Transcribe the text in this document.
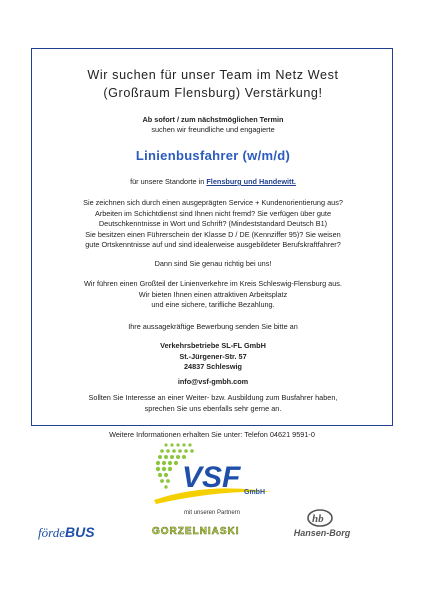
Wir suchen für unser Team im Netz West
(Großraum Flensburg) Verstärkung!
Ab sofort / zum nächstmöglichen Termin
suchen wir freundliche und engagierte
Linienbusfahrer (w/m/d)
für unsere Standorte in Flensburg und Handewitt.
Sie zeichnen sich durch einen ausgeprägten Service + Kundenorientierung aus?
Arbeiten im Schichtdienst sind Ihnen nicht fremd? Sie verfügen über gute
Deutschkenntnisse in Wort und Schrift? (Mindeststandard Deutsch B1)
Sie besitzen einen Führerschein der Klasse D / DE (Kennziffer 95)? Sie weisen
gute Ortskenntnisse auf und sind idealerweise ausgebildeter Berufskraftfahrer?
Dann sind Sie genau richtig bei uns!
Wir führen einen Großteil der Linienverkehre im Kreis Schleswig-Flensburg aus.
Wir bieten Ihnen einen attraktiven Arbeitsplatz
und eine sichere, tarifliche Bezahlung.
Ihre aussagekräftige Bewerbung senden Sie bitte an
Verkehrsbetriebe SL-FL GmbH
St.-Jürgener-Str. 57
24837 Schleswig
info@vsf-gmbh.com
Sollten Sie Interesse an einer Weiter- bzw. Ausbildung zum Busfahrer haben,
sprechen Sie uns ebenfalls sehr gerne an.
Weitere Informationen erhalten Sie unter: Telefon 04621 9591-0
VSF GmbH
mit unseren Partnern
fördeBUS	GORZELNIASKI
hb
Hansen-Borg
